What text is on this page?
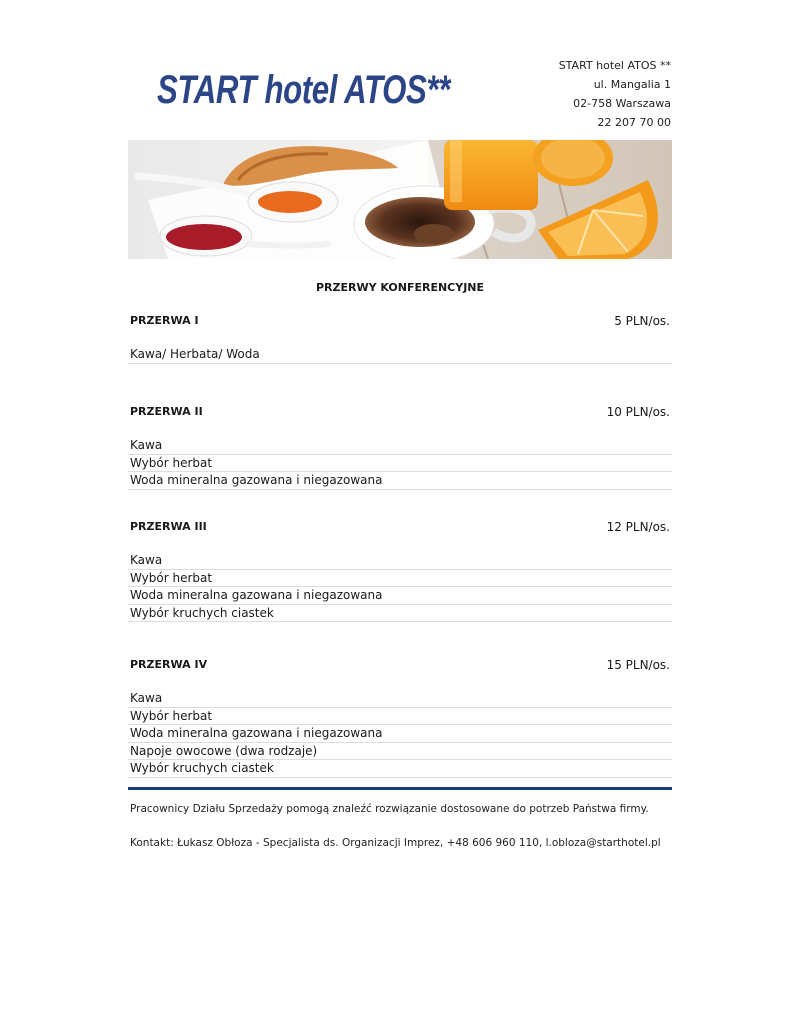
START hotel ATOS**
START hotel ATOS **
ul. Mangalia 1
02-758 Warszawa
22 207 70 00
PRZERWY KONFERENCYJNE
PRZERWA I	5 PLN/os.
Kawa/ Herbata/ Woda
PRZERWA II	10 PLN/os.
Kawa
Wybór herbat
Woda mineralna gazowana i niegazowana
PRZERWA III	12 PLN/os.
Kawa
Wybór herbat
Woda mineralna gazowana i niegazowana
Wybór kruchych ciastek
PRZERWA IV	15 PLN/os.
Kawa
Wybór herbat
Woda mineralna gazowana i niegazowana
Napoje owocowe (dwa rodzaje)
Wybór kruchych ciastek
Pracownicy Działu Sprzedaży pomogą znaleźć rozwiązanie dostosowane do potrzeb Państwa firmy.
Kontakt: Łukasz Obłoza - Specjalista ds. Organizacji Imprez, +48 606 960 110, l.obloza@starthotel.pl
